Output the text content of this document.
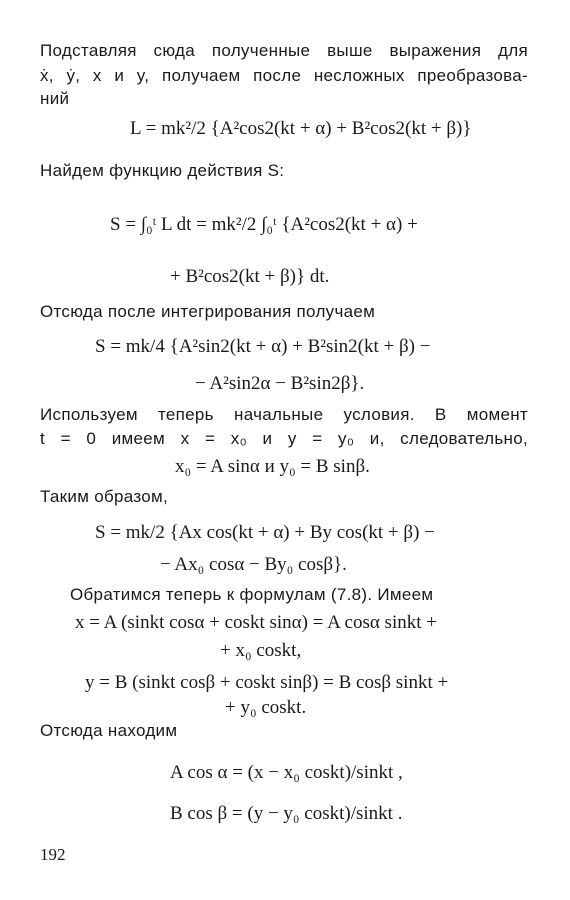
Подставляя сюда полученные выше выражения для
ẋ, ẏ, x и y, получаем после несложных преобразова-
ний
L = mk²/2 {A²cos2(kt + α) + B²cos2(kt + β)}
Найдем функцию действия S:
S = ∫₀ᵗ L dt = mk²/2 ∫₀ᵗ {A²cos2(kt + α) +
+ B²cos2(kt + β)} dt.
Отсюда после интегрирования получаем
S = mk/4 {A²sin2(kt + α) + B²sin2(kt + β) −
− A²sin2α − B²sin2β}.
Используем теперь начальные условия. В момент
t = 0 имеем x = x₀ и y = y₀ и, следовательно,
x₀ = A sinα и y₀ = B sinβ.
Таким образом,
S = mk/2 {Ax cos(kt + α) + By cos(kt + β) −
− Ax₀ cosα − By₀ cosβ}.
Обратимся теперь к формулам (7.8). Имеем
x = A (sinkt cosα + coskt sinα) = A cosα sinkt +
+ x₀ coskt,
y = B (sinkt cosβ + coskt sinβ) = B cosβ sinkt +
+ y₀ coskt.
Отсюда находим
A cos α = (x − x₀ coskt)/sinkt ,
B cos β = (y − y₀ coskt)/sinkt .
192
